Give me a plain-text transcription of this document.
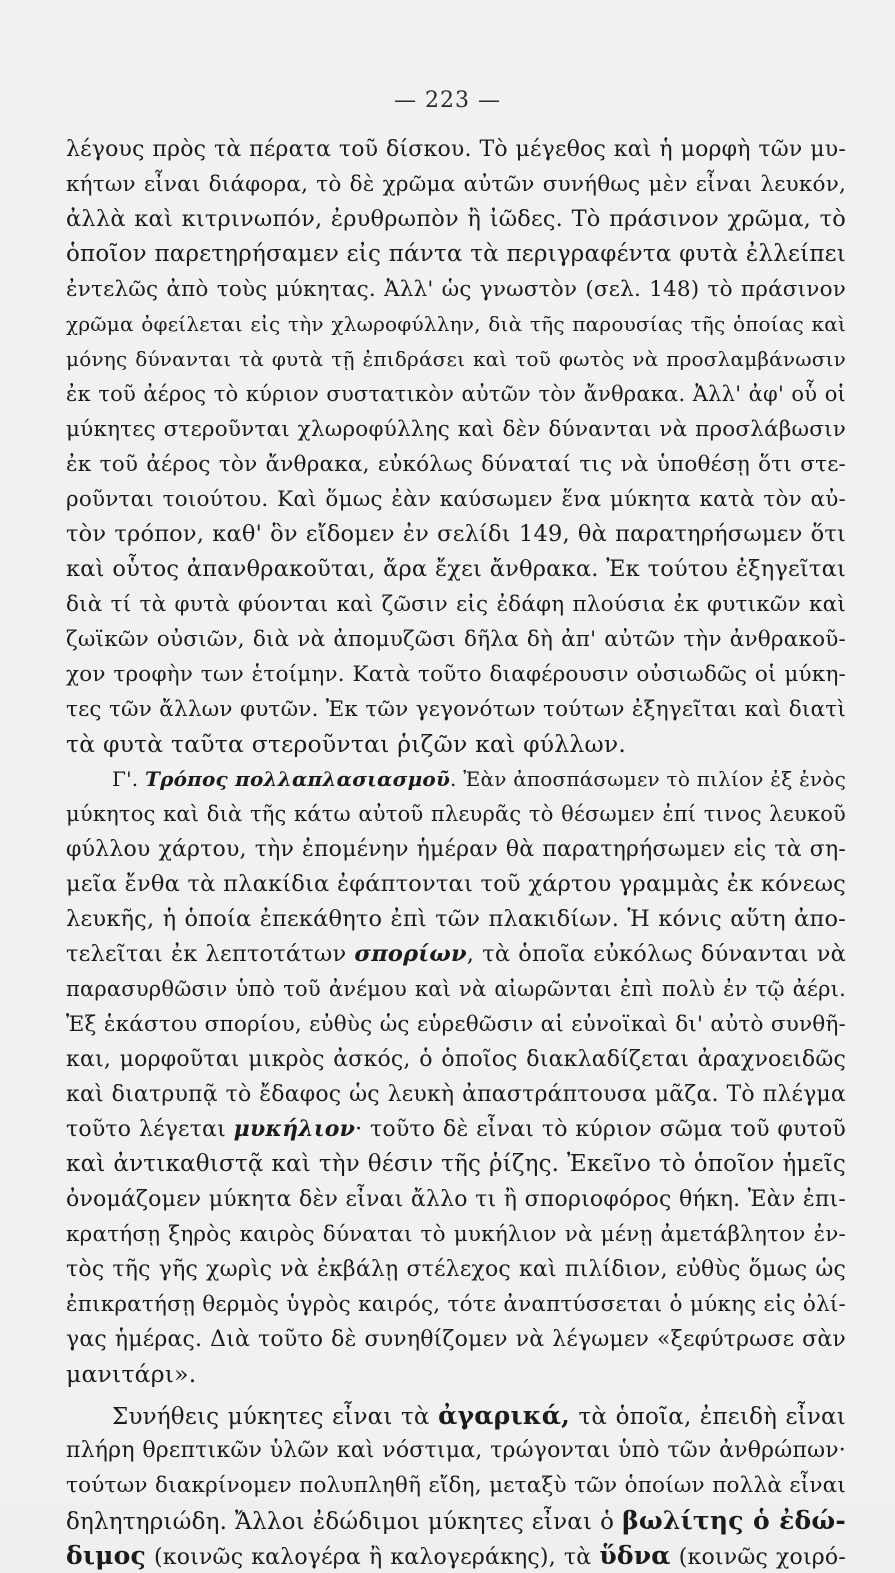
— 223 —
λέγους πρὸς τὰ πέρατα τοῦ δίσκου. Τὸ μέγεθος καὶ ἡ μορφὴ τῶν μυ-
κήτων εἶναι διάφορα, τὸ δὲ χρῶμα αὐτῶν συνήθως μὲν εἶναι λευκόν,
ἀλλὰ καὶ κιτρινωπόν, ἐρυθρωπὸν ἢ ἰῶδες. Τὸ πράσινον χρῶμα, τὸ
ὁποῖον παρετηρήσαμεν εἰς πάντα τὰ περιγραφέντα φυτὰ ἐλλείπει
ἐντελῶς ἀπὸ τοὺς μύκητας. Ἀλλ' ὡς γνωστὸν (σελ. 148) τὸ πράσινον
χρῶμα ὀφείλεται εἰς τὴν χλωροφύλλην, διὰ τῆς παρουσίας τῆς ὁποίας καὶ
μόνης δύνανται τὰ φυτὰ τῇ ἐπιδράσει καὶ τοῦ φωτὸς νὰ προσλαμβάνωσιν
ἐκ τοῦ ἀέρος τὸ κύριον συστατικὸν αὐτῶν τὸν ἄνθρακα. Ἀλλ' ἀφ' οὗ οἱ
μύκητες στεροῦνται χλωροφύλλης καὶ δὲν δύνανται νὰ προσλάβωσιν
ἐκ τοῦ ἀέρος τὸν ἄνθρακα, εὐκόλως δύναταί τις νὰ ὑποθέσῃ ὅτι στε-
ροῦνται τοιούτου. Καὶ ὅμως ἐὰν καύσωμεν ἕνα μύκητα κατὰ τὸν αὐ-
τὸν τρόπον, καθ' ὃν εἴδομεν ἐν σελίδι 149, θὰ παρατηρήσωμεν ὅτι
καὶ οὗτος ἀπανθρακοῦται, ἄρα ἔχει ἄνθρακα. Ἐκ τούτου ἐξηγεῖται
διὰ τί τὰ φυτὰ φύονται καὶ ζῶσιν εἰς ἐδάφη πλούσια ἐκ φυτικῶν καὶ
ζωϊκῶν οὐσιῶν, διὰ νὰ ἀπομυζῶσι δῆλα δὴ ἀπ' αὐτῶν τὴν ἀνθρακοῦ-
χον τροφὴν των ἑτοίμην. Κατὰ τοῦτο διαφέρουσιν οὐσιωδῶς οἱ μύκη-
τες τῶν ἄλλων φυτῶν. Ἐκ τῶν γεγονότων τούτων ἐξηγεῖται καὶ διατὶ
τὰ φυτὰ ταῦτα στεροῦνται ῥιζῶν καὶ φύλλων.
Γ'. Τρόπος πολλαπλασιασμοῦ. Ἐὰν ἀποσπάσωμεν τὸ πιλίον ἐξ ἑνὸς
μύκητος καὶ διὰ τῆς κάτω αὐτοῦ πλευρᾶς τὸ θέσωμεν ἐπί τινος λευκοῦ
φύλλου χάρτου, τὴν ἐπομένην ἡμέραν θὰ παρατηρήσωμεν εἰς τὰ ση-
μεῖα ἔνθα τὰ πλακίδια ἐφάπτονται τοῦ χάρτου γραμμὰς ἐκ κόνεως
λευκῆς, ἡ ὁποία ἐπεκάθητο ἐπὶ τῶν πλακιδίων. Ἡ κόνις αὕτη ἀπο-
τελεῖται ἐκ λεπτοτάτων σπορίων, τὰ ὁποῖα εὐκόλως δύνανται νὰ
παρασυρθῶσιν ὑπὸ τοῦ ἀνέμου καὶ νὰ αἰωρῶνται ἐπὶ πολὺ ἐν τῷ ἀέρι.
Ἐξ ἑκάστου σπορίου, εὐθὺς ὡς εὑρεθῶσιν αἱ εὐνοϊκαὶ δι' αὐτὸ συνθῆ-
και, μορφοῦται μικρὸς ἀσκός, ὁ ὁποῖος διακλαδίζεται ἀραχνοειδῶς
καὶ διατρυπᾷ τὸ ἔδαφος ὡς λευκὴ ἀπαστράπτουσα μᾶζα. Τὸ πλέγμα
τοῦτο λέγεται μυκήλιον· τοῦτο δὲ εἶναι τὸ κύριον σῶμα τοῦ φυτοῦ
καὶ ἀντικαθιστᾷ καὶ τὴν θέσιν τῆς ῥίζης. Ἐκεῖνο τὸ ὁποῖον ἡμεῖς
ὀνομάζομεν μύκητα δὲν εἶναι ἄλλο τι ἢ σποριοφόρος θήκη. Ἐὰν ἐπι-
κρατήσῃ ξηρὸς καιρὸς δύναται τὸ μυκήλιον νὰ μένῃ ἀμετάβλητον ἐν-
τὸς τῆς γῆς χωρὶς νὰ ἐκβάλῃ στέλεχος καὶ πιλίδιον, εὐθὺς ὅμως ὡς
ἐπικρατήσῃ θερμὸς ὑγρὸς καιρός, τότε ἀναπτύσσεται ὁ μύκης εἰς ὀλί-
γας ἡμέρας. Διὰ τοῦτο δὲ συνηθίζομεν νὰ λέγωμεν «ξεφύτρωσε σὰν
μανιτάρι».
Συνήθεις μύκητες εἶναι τὰ ἀγαρικά, τὰ ὁποῖα, ἐπειδὴ εἶναι
πλήρη θρεπτικῶν ὑλῶν καὶ νόστιμα, τρώγονται ὑπὸ τῶν ἀνθρώπων·
τούτων διακρίνομεν πολυπληθῆ εἴδη, μεταξὺ τῶν ὁποίων πολλὰ εἶναι
δηλητηριώδη. Ἄλλοι ἐδώδιμοι μύκητες εἶναι ὁ βωλίτης ὁ ἐδώ-
διμος (κοινῶς καλογέρα ἢ καλογεράκης), τὰ ὕδνα (κοινῶς χοιρό-
